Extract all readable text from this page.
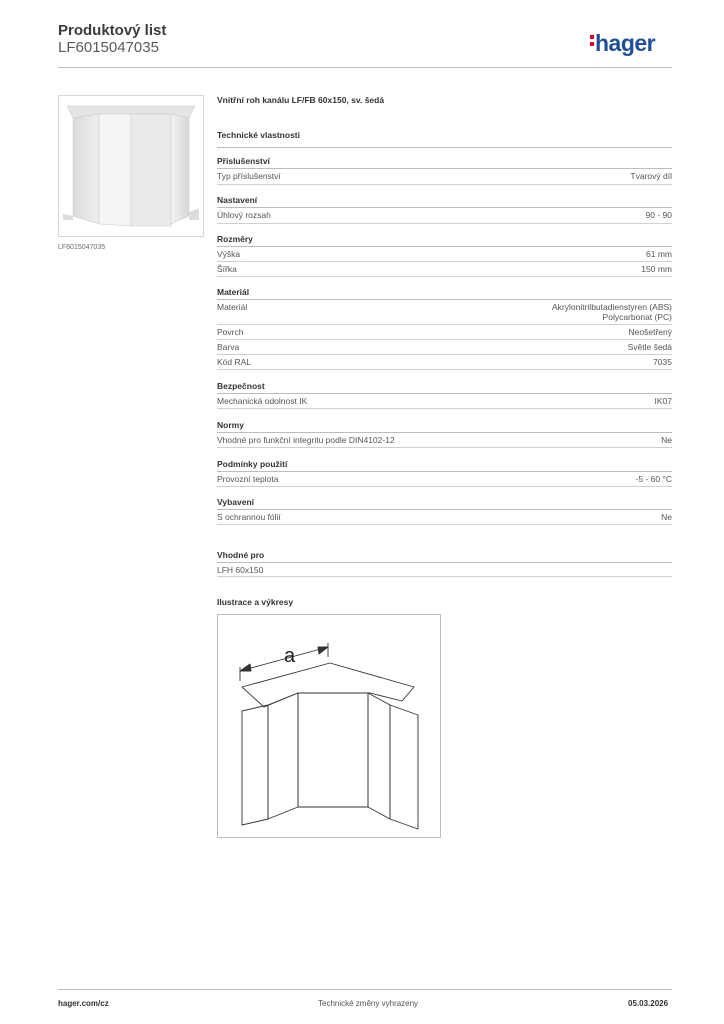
Produktový list
LF6015047035	hager
LF6015047035
Vnitřní roh kanálu LF/FB 60x150, sv. šedá
Technické vlastnosti
Příslušenství
Typ příslušenství	Tvarový díl
Nastavení
Úhlový rozsah	90 - 90
Rozměry
Výška	61 mm
Šířka	150 mm
Materiál
Materiál	Akrylonitrilbutadienstyren (ABS)
Polycarbonat (PC)
Povrch	Neošetřený
Barva	Světle šedá
Kód RAL	7035
Bezpečnost
Mechanická odolnost IK	IK07
Normy
Vhodné pro funkční integritu podle DIN4102-12	Ne
Podmínky použití
Provozní teplota	-5 - 60 °C
Vybavení
S ochrannou fólií	Ne
Vhodné pro
LFH 60x150
Ilustrace a výkresy
a
hager.com/cz	Technické změny vyhrazeny	05.03.2026
